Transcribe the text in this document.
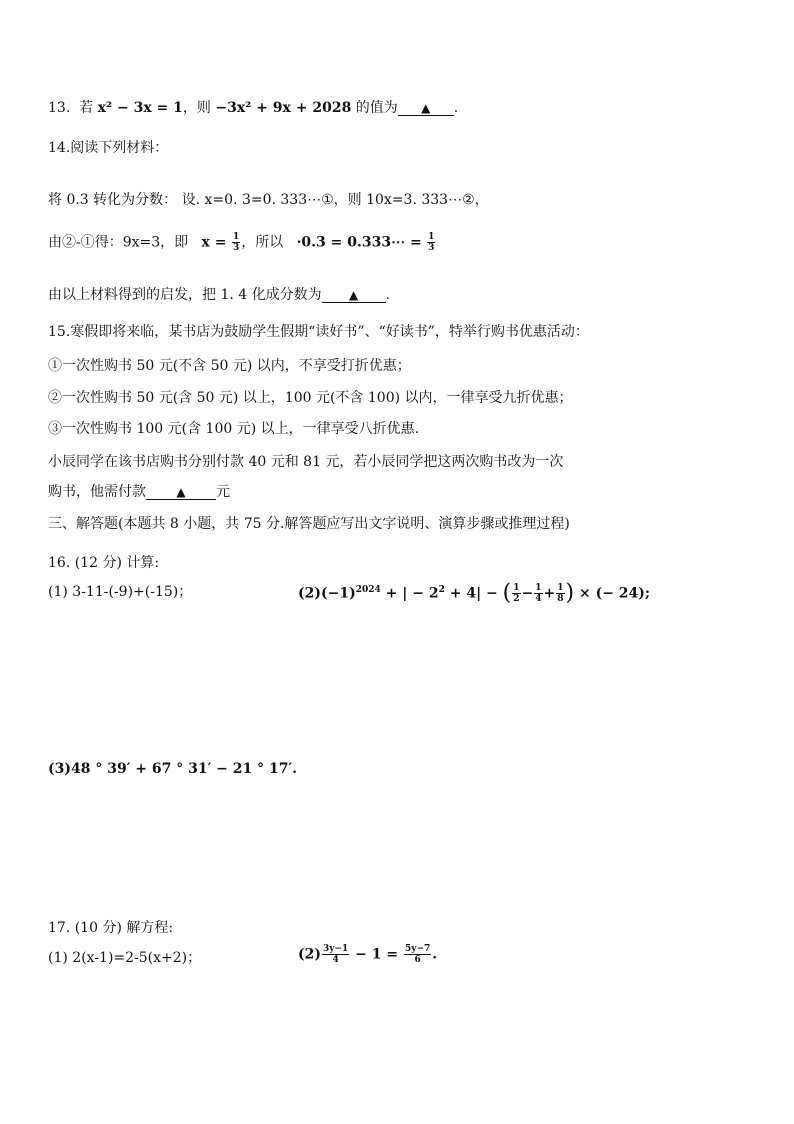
13. 若 x² − 3x = 1，则 −3x² + 9x + 2028 的值为 ▲ .
14.阅读下列材料：
将 0.3 转化为分数： 设. x=0. 3=0. 333⋯①，则 10x=3. 333⋯②，
由②-①得：9x=3，即 $x = \frac{1}{3}$ ，所以 ·0.3 = 0.333⋯ = $\frac{1}{3}$
由以上材料得到的启发，把 1. 4 化成分数为 ▲ .
15.寒假即将来临，某书店为鼓励学生假期“读好书”、“好读书”，特举行购书优惠活动：
①一次性购书 50 元(不含 50 元) 以内，不享受打折优惠；
②一次性购书 50 元(含 50 元) 以上，100 元(不含 100) 以内，一律享受九折优惠；
③一次性购书 100 元(含 100 元) 以上，一律享受八折优惠.
小辰同学在该书店购书分别付款 40 元和 81 元，若小辰同学把这两次购书改为一次
购书，他需付款	▲ 元
三、解答题(本题共 8 小题，共 75 分.解答题应写出文字说明、演算步骤或推理过程)
16. (12 分) 计算:
(1) 3-11-(-9)+(-15)；	$(2)(-1)^{2024}$ + | − $2^2 + 4|$ − ( $\frac{1}{2} - \frac{1}{4} + \frac{1}{8}$ ) × (− 24);
(3)48 ° 39′ + 67 ° 31′ − 21 ° 17′.
17. (10 分) 解方程:
(1) 2(x-1)=2-5(x+2)；	$(2) \frac{3y-1}{4} - 1 = \frac{5y-7}{6}$ .
